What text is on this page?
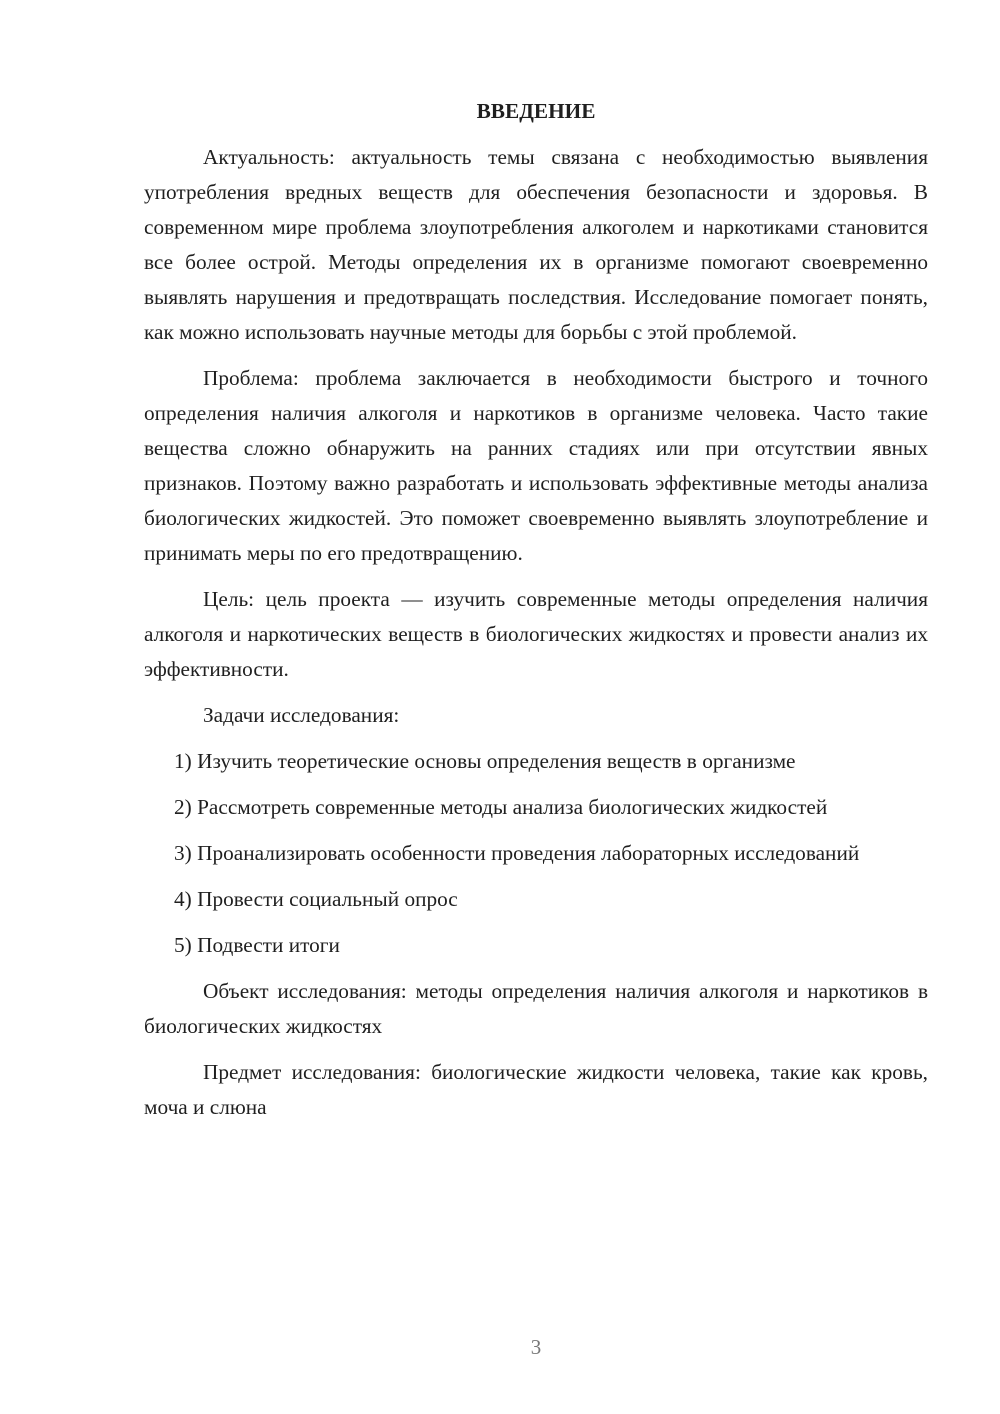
ВВЕДЕНИЕ

Актуальность: актуальность темы связана с необходимостью выявления употребления вредных веществ для обеспечения безопасности и здоровья. В современном мире проблема злоупотребления алкоголем и наркотиками становится все более острой. Методы определения их в организме помогают своевременно выявлять нарушения и предотвращать последствия. Исследование помогает понять, как можно использовать научные методы для борьбы с этой проблемой.

Проблема: проблема заключается в необходимости быстрого и точного определения наличия алкоголя и наркотиков в организме человека. Часто такие вещества сложно обнаружить на ранних стадиях или при отсутствии явных признаков. Поэтому важно разработать и использовать эффективные методы анализа биологических жидкостей. Это поможет своевременно выявлять злоупотребление и принимать меры по его предотвращению.

Цель: цель проекта — изучить современные методы определения наличия алкоголя и наркотических веществ в биологических жидкостях и провести анализ их эффективности.

Задачи исследования:

1) Изучить теоретические основы определения веществ в организме

2) Рассмотреть современные методы анализа биологических жидкостей

3) Проанализировать особенности проведения лабораторных исследований

4) Провести социальный опрос

5) Подвести итоги

Объект исследования: методы определения наличия алкоголя и наркотиков в биологических жидкостях

Предмет исследования: биологические жидкости человека, такие как кровь, моча и слюна

3
